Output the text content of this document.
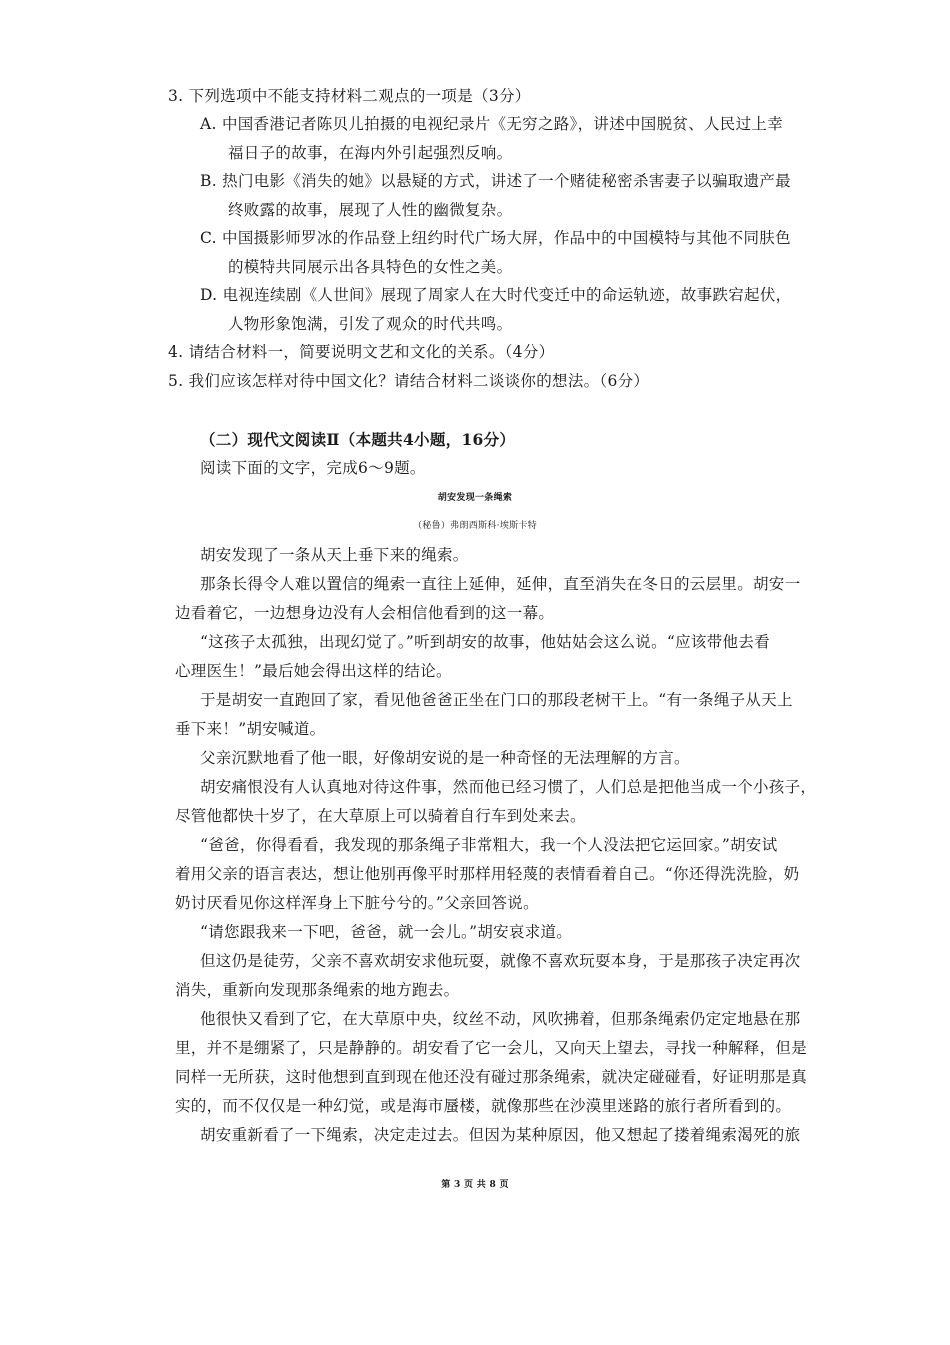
3. 下列选项中不能支持材料二观点的一项是（3分）
A. 中国香港记者陈贝儿拍摄的电视纪录片《无穷之路》，讲述中国脱贫、人民过上幸
福日子的故事，在海内外引起强烈反响。
B. 热门电影《消失的她》以悬疑的方式，讲述了一个赌徒秘密杀害妻子以骗取遗产最
终败露的故事，展现了人性的幽微复杂。
C. 中国摄影师罗冰的作品登上纽约时代广场大屏，作品中的中国模特与其他不同肤色
的模特共同展示出各具特色的女性之美。
D. 电视连续剧《人世间》展现了周家人在大时代变迁中的命运轨迹，故事跌宕起伏，
人物形象饱满，引发了观众的时代共鸣。
4. 请结合材料一，简要说明文艺和文化的关系。（4分）
5. 我们应该怎样对待中国文化？请结合材料二谈谈你的想法。（6分）
（二）现代文阅读Ⅱ（本题共4小题，16分）
阅读下面的文字，完成6～9题。
胡安发现一条绳索
（秘鲁）弗朗西斯科·埃斯卡特
胡安发现了一条从天上垂下来的绳索。
那条长得令人难以置信的绳索一直往上延伸，延伸，直至消失在冬日的云层里。胡安一
边看着它，一边想身边没有人会相信他看到的这一幕。
“这孩子太孤独，出现幻觉了。”听到胡安的故事，他姑姑会这么说。“应该带他去看
心理医生！”最后她会得出这样的结论。
于是胡安一直跑回了家，看见他爸爸正坐在门口的那段老树干上。“有一条绳子从天上
垂下来！”胡安喊道。
父亲沉默地看了他一眼，好像胡安说的是一种奇怪的无法理解的方言。
胡安痛恨没有人认真地对待这件事，然而他已经习惯了，人们总是把他当成一个小孩子，
尽管他都快十岁了，在大草原上可以骑着自行车到处来去。
“爸爸，你得看看，我发现的那条绳子非常粗大，我一个人没法把它运回家。”胡安试
着用父亲的语言表达，想让他别再像平时那样用轻蔑的表情看着自己。“你还得洗洗脸，奶
奶讨厌看见你这样浑身上下脏兮兮的。”父亲回答说。
“请您跟我来一下吧，爸爸，就一会儿。”胡安哀求道。
但这仍是徒劳，父亲不喜欢胡安求他玩耍，就像不喜欢玩耍本身，于是那孩子决定再次
消失，重新向发现那条绳索的地方跑去。
他很快又看到了它，在大草原中央，纹丝不动，风吹拂着，但那条绳索仍定定地悬在那
里，并不是绷紧了，只是静静的。胡安看了它一会儿，又向天上望去，寻找一种解释，但是
同样一无所获，这时他想到直到现在他还没有碰过那条绳索，就决定碰碰看，好证明那是真
实的，而不仅仅是一种幻觉，或是海市蜃楼，就像那些在沙漠里迷路的旅行者所看到的。
胡安重新看了一下绳索，决定走过去。但因为某种原因，他又想起了搂着绳索渴死的旅
第 3 页 共 8 页
